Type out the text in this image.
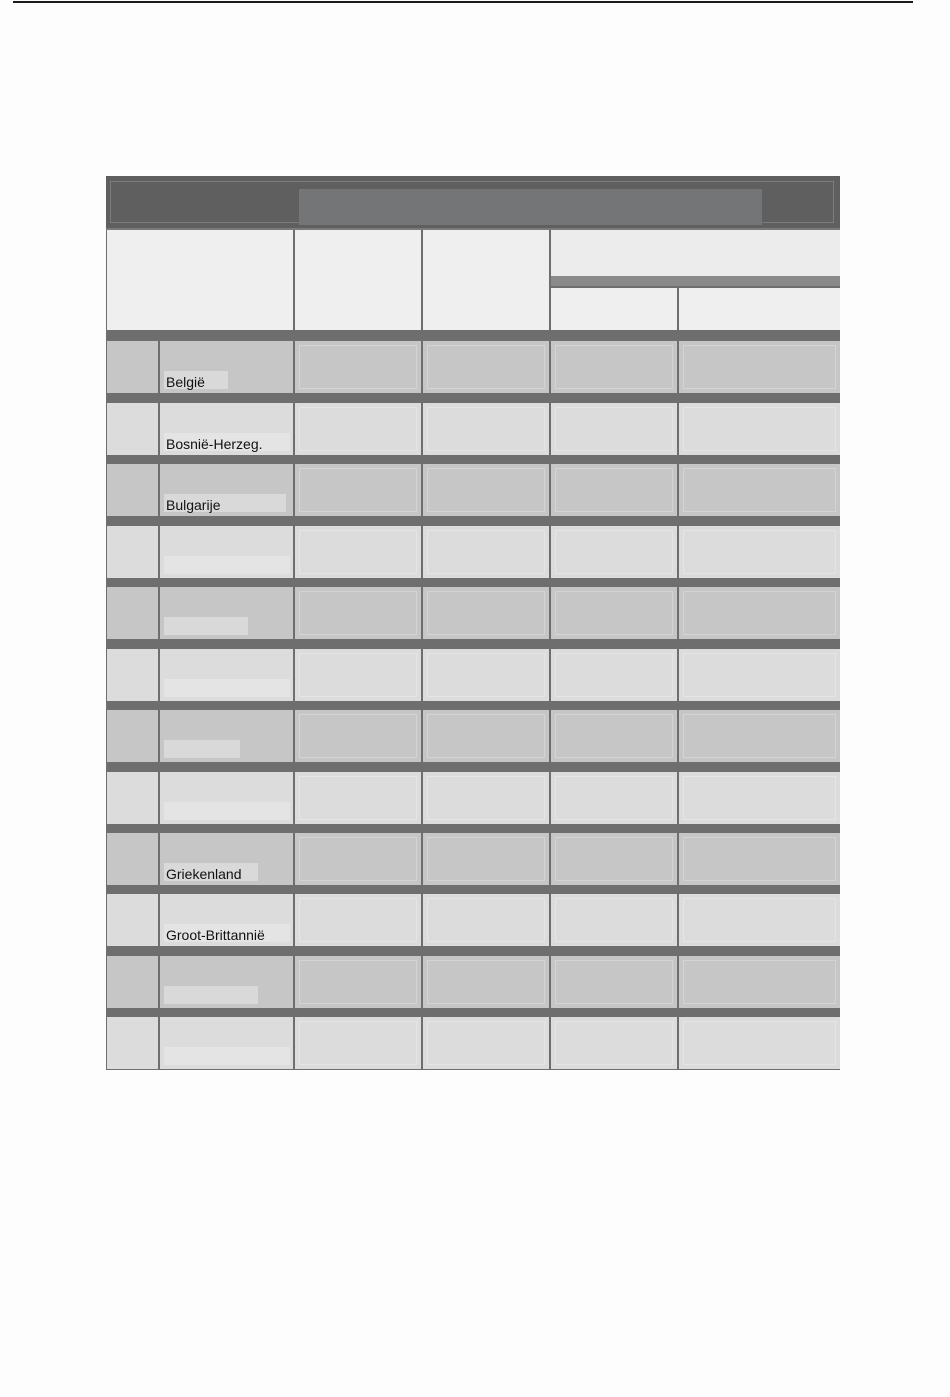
België
Bosnië-Herzeg.
Bulgarije
Griekenland
Groot-Brittannië
